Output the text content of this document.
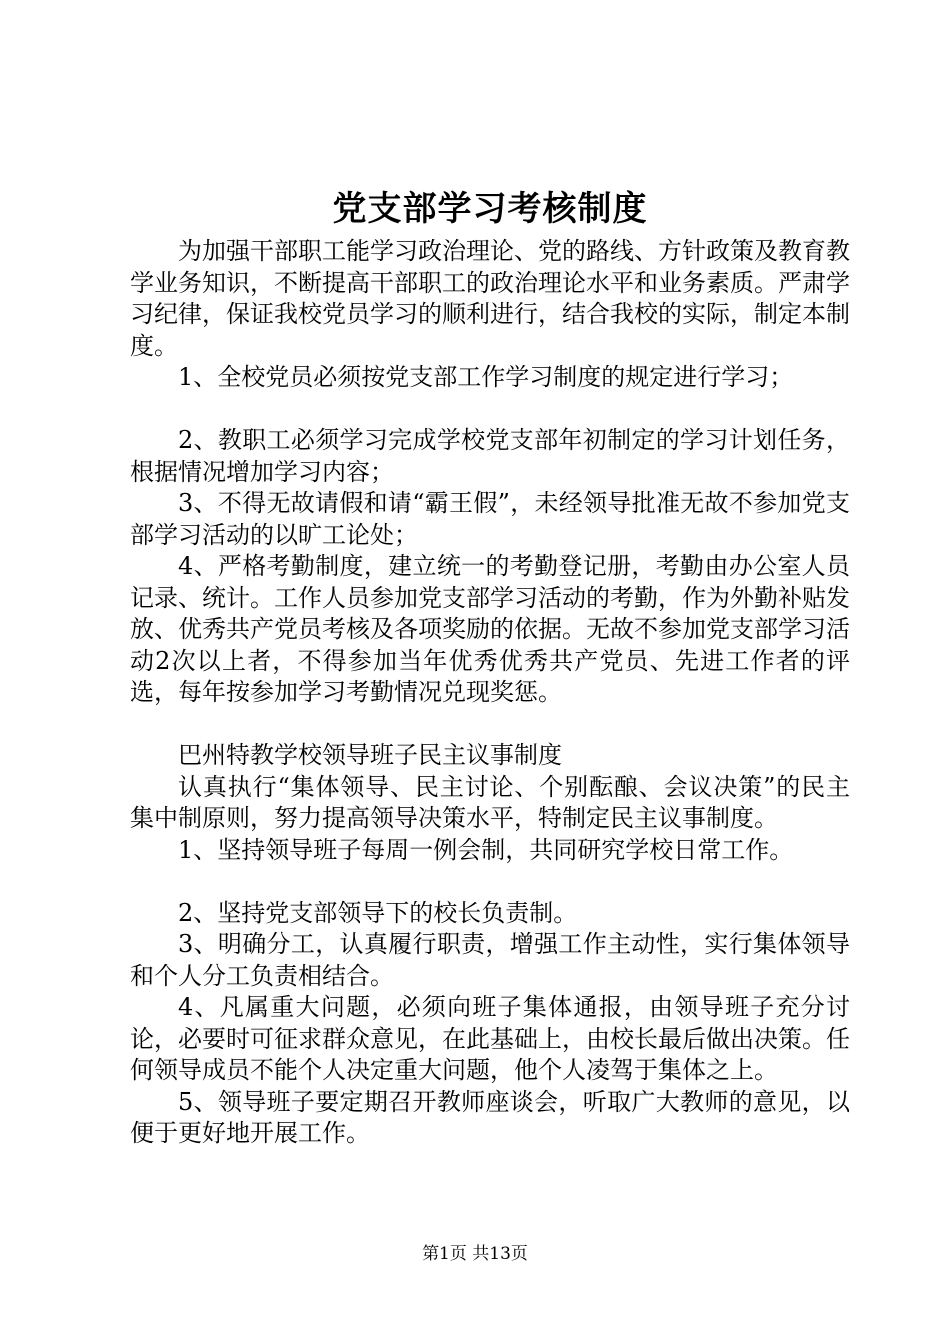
党支部学习考核制度

为加强干部职工能学习政治理论、党的路线、方针政策及教育教学业务知识，不断提高干部职工的政治理论水平和业务素质。严肃学习纪律，保证我校党员学习的顺利进行，结合我校的实际，制定本制度。

1、全校党员必须按党支部工作学习制度的规定进行学习；

2、教职工必须学习完成学校党支部年初制定的学习计划任务，根据情况增加学习内容；

3、不得无故请假和请“霸王假”，未经领导批准无故不参加党支部学习活动的以旷工论处；

4、严格考勤制度，建立统一的考勤登记册，考勤由办公室人员记录、统计。工作人员参加党支部学习活动的考勤，作为外勤补贴发放、优秀共产党员考核及各项奖励的依据。无故不参加党支部学习活动2次以上者，不得参加当年优秀优秀共产党员、先进工作者的评选，每年按参加学习考勤情况兑现奖惩。

巴州特教学校领导班子民主议事制度

认真执行“集体领导、民主讨论、个别酝酿、会议决策”的民主集中制原则，努力提高领导决策水平，特制定民主议事制度。

1、坚持领导班子每周一例会制，共同研究学校日常工作。

2、坚持党支部领导下的校长负责制。

3、明确分工，认真履行职责，增强工作主动性，实行集体领导和个人分工负责相结合。

4、凡属重大问题，必须向班子集体通报，由领导班子充分讨论，必要时可征求群众意见，在此基础上，由校长最后做出决策。任何领导成员不能个人决定重大问题，他个人凌驾于集体之上。

5、领导班子要定期召开教师座谈会，听取广大教师的意见，以便于更好地开展工作。

第1页 共13页
